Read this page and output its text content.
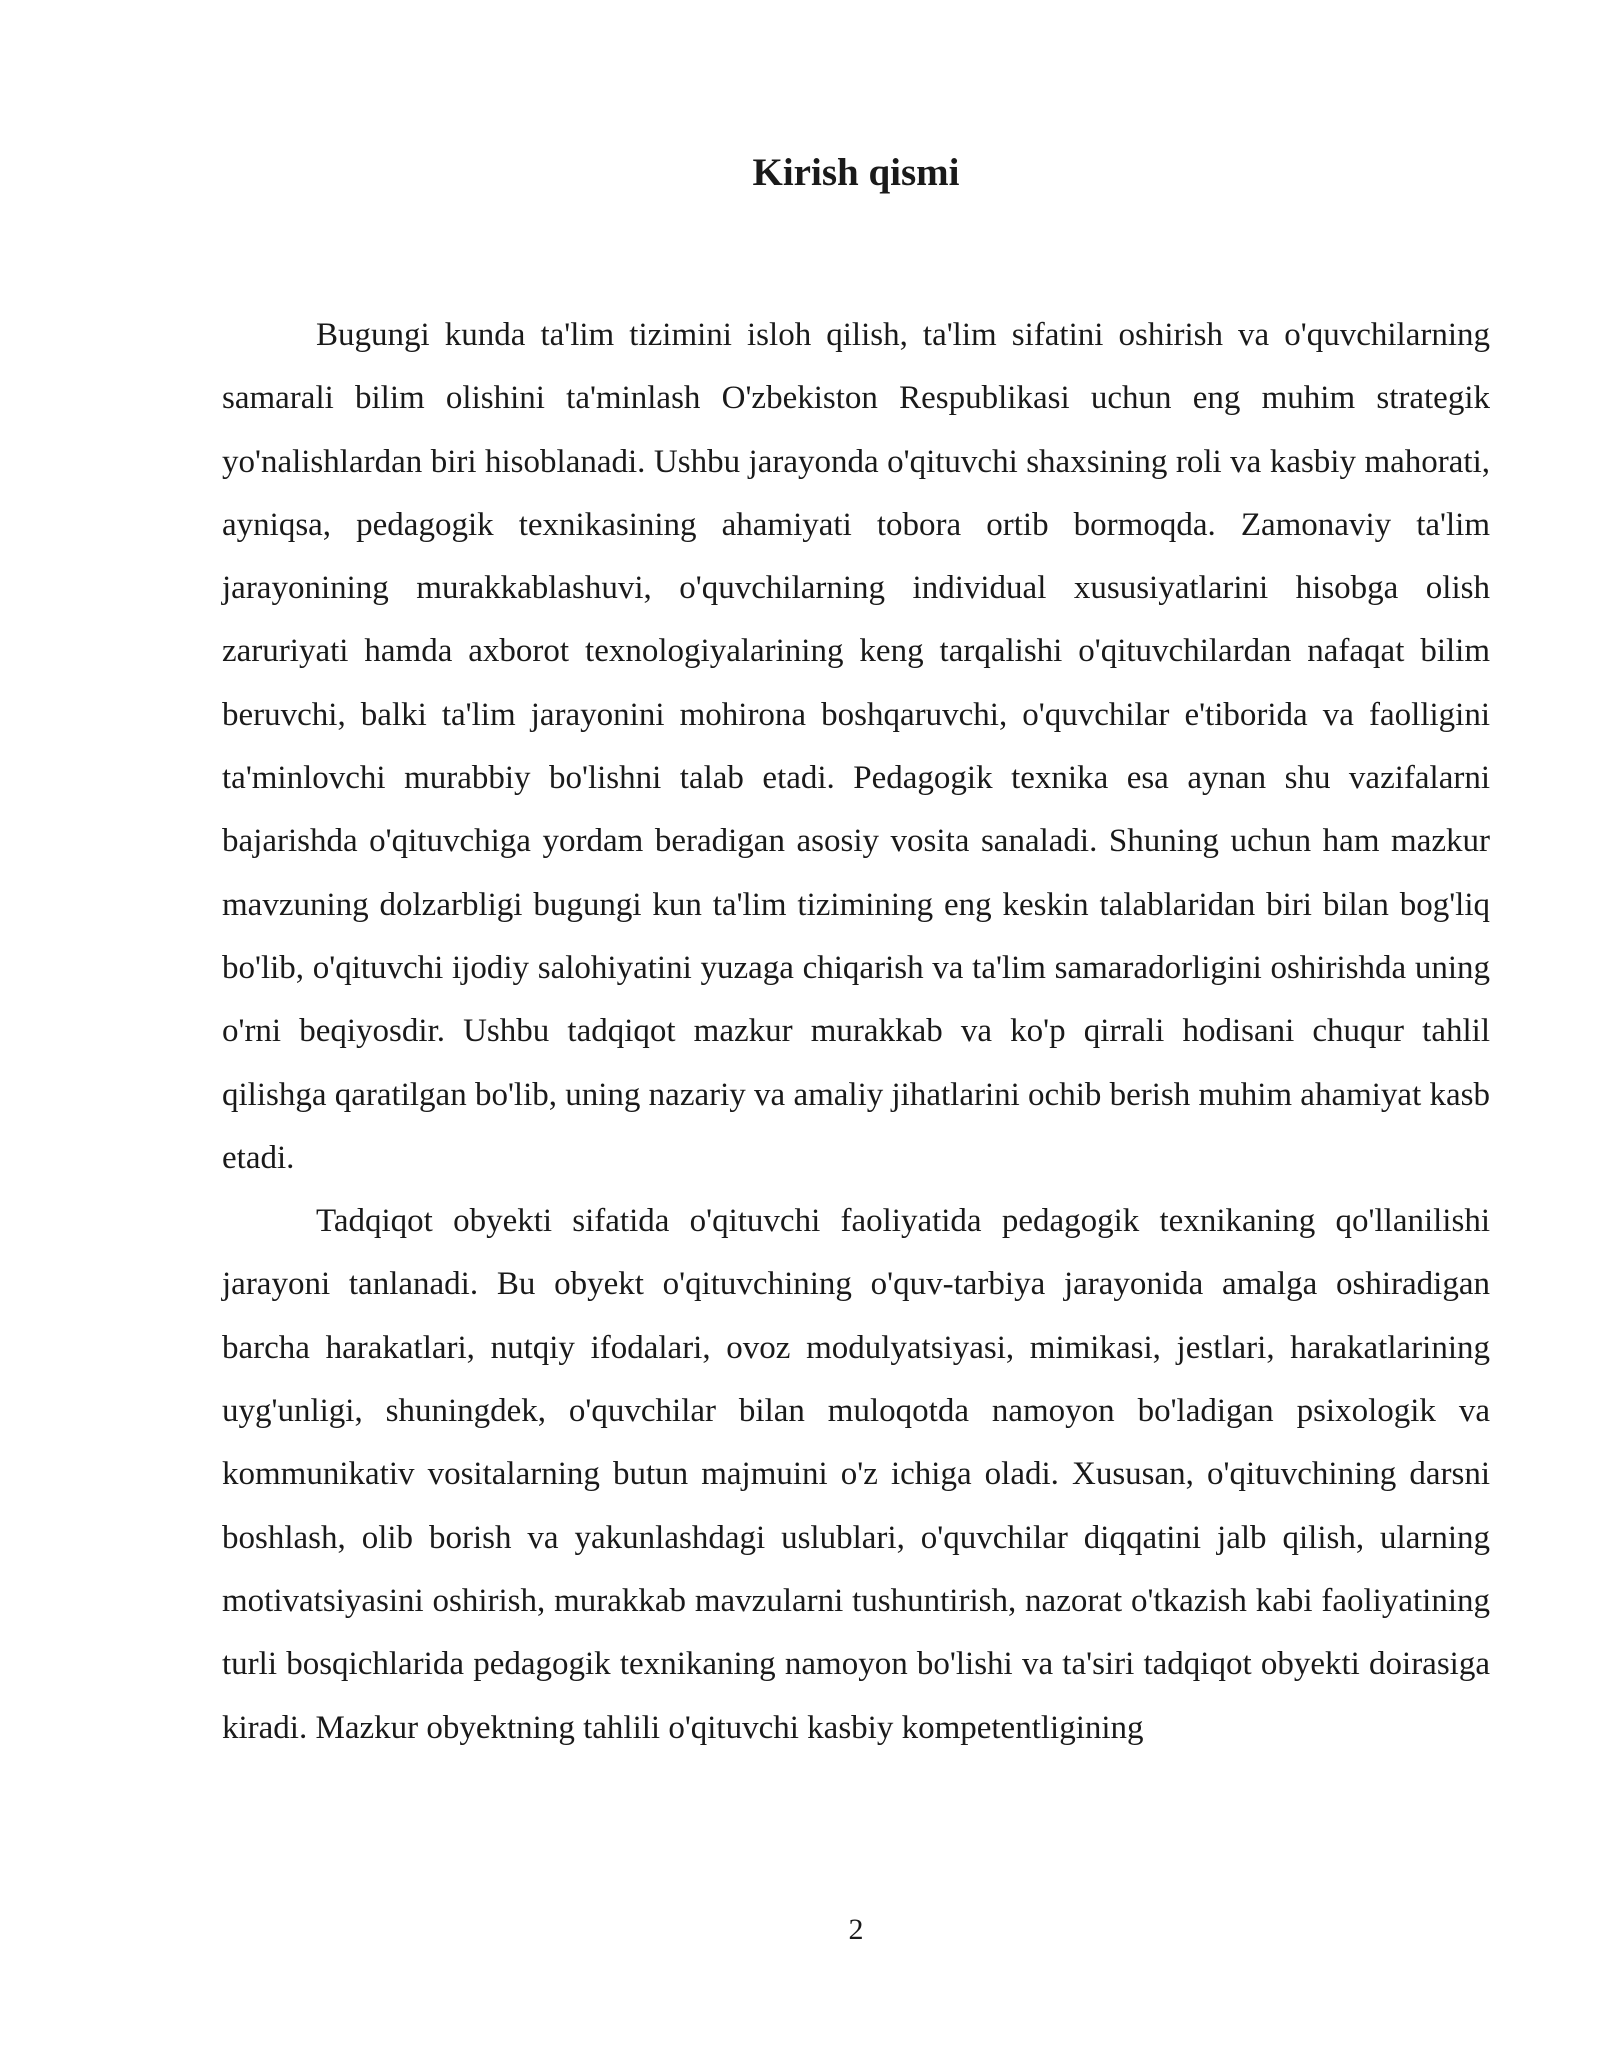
Kirish qismi

Bugungi kunda ta'lim tizimini isloh qilish, ta'lim sifatini oshirish va o'quvchilarning samarali bilim olishini ta'minlash O'zbekiston Respublikasi uchun eng muhim strategik yo'nalishlardan biri hisoblanadi. Ushbu jarayonda o'qituvchi shaxsining roli va kasbiy mahorati, ayniqsa, pedagogik texnikasining ahamiyati tobora ortib bormoqda. Zamonaviy ta'lim jarayonining murakkablashuvi, o'quvchilarning individual xususiyatlarini hisobga olish zaruriyati hamda axborot texnologiyalarining keng tarqalishi o'qituvchilardan nafaqat bilim beruvchi, balki ta'lim jarayonini mohirona boshqaruvchi, o'quvchilar e'tiborida va faolligini ta'minlovchi murabbiy bo'lishni talab etadi. Pedagogik texnika esa aynan shu vazifalarni bajarishda o'qituvchiga yordam beradigan asosiy vosita sanaladi. Shuning uchun ham mazkur mavzuning dolzarbligi bugungi kun ta'lim tizimining eng keskin talablaridan biri bilan bog'liq bo'lib, o'qituvchi ijodiy salohiyatini yuzaga chiqarish va ta'lim samaradorligini oshirishda uning o'rni beqiyosdir. Ushbu tadqiqot mazkur murakkab va ko'p qirrali hodisani chuqur tahlil qilishga qaratilgan bo'lib, uning nazariy va amaliy jihatlarini ochib berish muhim ahamiyat kasb etadi.

Tadqiqot obyekti sifatida o'qituvchi faoliyatida pedagogik texnikaning qo'llanilishi jarayoni tanlanadi. Bu obyekt o'qituvchining o'quv-tarbiya jarayonida amalga oshiradigan barcha harakatlari, nutqiy ifodalari, ovoz modulyatsiyasi, mimikasi, jestlari, harakatlarining uyg'unligi, shuningdek, o'quvchilar bilan muloqotda namoyon bo'ladigan psixologik va kommunikativ vositalarning butun majmuini o'z ichiga oladi. Xususan, o'qituvchining darsni boshlash, olib borish va yakunlashdagi uslublari, o'quvchilar diqqatini jalb qilish, ularning motivatsiyasini oshirish, murakkab mavzularni tushuntirish, nazorat o'tkazish kabi faoliyatining turli bosqichlarida pedagogik texnikaning namoyon bo'lishi va ta'siri tadqiqot obyekti doirasiga kiradi. Mazkur obyektning tahlili o'qituvchi kasbiy kompetentligining

2
